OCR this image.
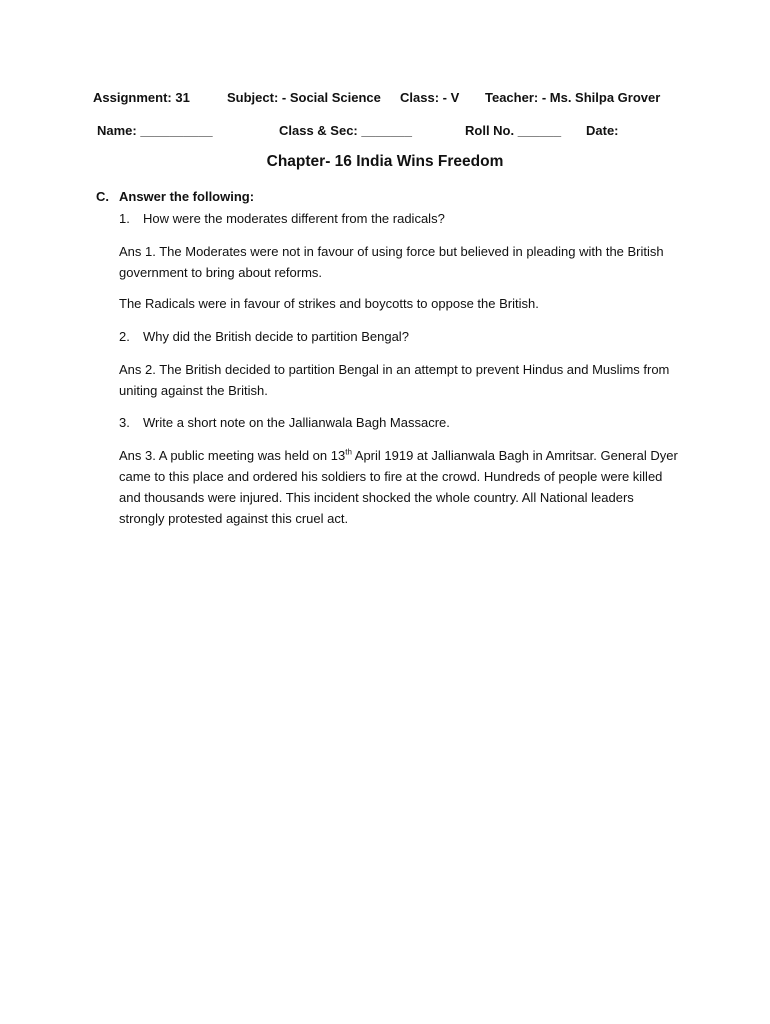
Assignment: 31	Subject: - Social Science Class: - V Teacher: - Ms. Shilpa Grover
Name: __________	Class & Sec: _______	Roll No. ______ Date:
Chapter- 16 India Wins Freedom
C. Answer the following:
1. How were the moderates different from the radicals?
Ans 1. The Moderates were not in favour of using force but believed in pleading with the British government to bring about reforms.
The Radicals were in favour of strikes and boycotts to oppose the British.
2. Why did the British decide to partition Bengal?
Ans 2. The British decided to partition Bengal in an attempt to prevent Hindus and Muslims from uniting against the British.
3. Write a short note on the Jallianwala Bagh Massacre.
Ans 3. A public meeting was held on 13th April 1919 at Jallianwala Bagh in Amritsar. General Dyer came to this place and ordered his soldiers to fire at the crowd. Hundreds of people were killed and thousands were injured. This incident shocked the whole country. All National leaders strongly protested against this cruel act.
